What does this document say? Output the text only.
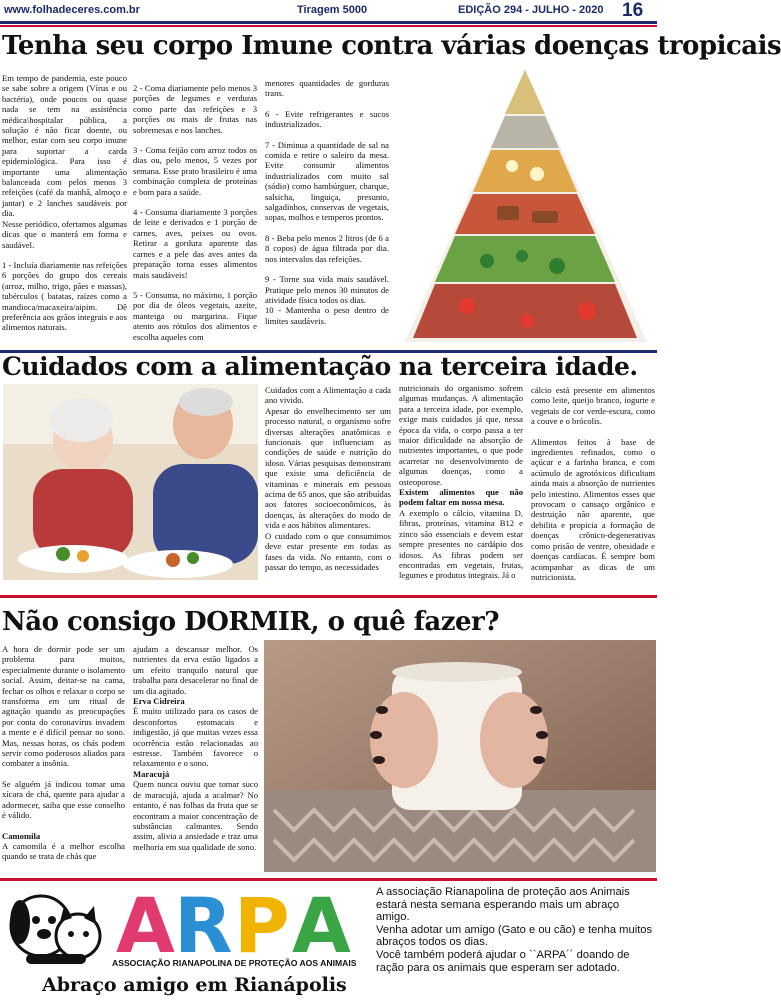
www.folhadeceres.com.br	Tiragem 5000	EDIÇÃO 294 - JULHO - 2020 16
Tenha seu corpo Imune contra várias doenças tropicais

Em tempo de pandemia, este pouco se sabe sobre a origem (Vírus e ou bactéria), onde poucos ou quase nada se tem na assistência médica\hospitalar pública, a solução é não ficar doente, ou melhor, estar com seu corpo imune para suportar a carda epidemiológica. Para isso é importante uma alimentação balanceada com pelos menos 3 refeições (café da manhã, almoço e jantar) e 2 lanches saudáveis por dia.

Nesse periódico, ofertamos algumas dicas que o manterá em forma e saudável.

1 - Incluía diariamente nas refeições 6 porções do grupo dos cereais (arroz, milho, trigo, pães e massas), tubérculos ( batatas, raízes como a mandioca/macaxeira/aipim. Dê preferência aos grãos integrais e aos alimentos naturais.

2 - Coma diariamente pelo menos 3 porções de legumes e verduras como parte das refeições e 3 porções ou mais de frutas nas sobremesas e nos lanches.

3 - Coma feijão com arroz todos os dias ou, pelo menos, 5 vezes por semana. Esse prato brasileiro é uma combinação completa de proteínas e bom para a saúde.

4 - Consuma diariamente 3 porções de leite e derivados e 1 porção de carnes, aves, peixes ou ovos. Retirar a gordura aparente das carnes e a pele das aves antes da preparação torna esses alimentos mais saudáveis!

5 - Consuma, no máximo, 1 porção por dia de óleos vegetais, azeite, manteiga ou margarina. Fique atento aos rótulos dos alimentos e escolha aqueles com

menores quantidades de gorduras trans.

6 - Evite refrigerantes e sucos industrializados.

7 - Diminua a quantidade de sal na comida e retire o saleiro da mesa. Evite consumir alimentos industrializados com muito sal (sódio) como hambúrguer, charque, salsicha, linguiça, presunto, salgadinhos, conservas de vegetais, sopas, molhos e temperos prontos.

8 - Beba pelo menos 2 litros (de 6 a 8 copos) de água filtrada por dia. nos intervalos das refeições.

9 - Torne sua vida mais saudável. Pratique pelo menos 30 minutos de atividade física todos os dias.

10 - Mantenha o peso dentro de limites saudáveis.

Cuidados com a alimentação na terceira idade.

Cuidados com a Alimentação a cada ano vivido.

Apesar do envelhecimento ser um processo natural, o organismo sofre diversas alterações anatômicas e funcionais que influenciam as condições de saúde e nutrição do idoso. Várias pesquisas demonstram que existe uma deficiência de vitaminas e minerais em pessoas acima de 65 anos, que são atribuídas aos fatores socioeconômicos, às doenças, às alterações do modo de vida e aos hábitos alimentares.

O cuidado com o que consumimos deve estar presente em todas as fases da vida. No entanto, com o passar do tempo, as necessidades

nutricionais do organismo sofrem algumas mudanças. A alimentação para a terceira idade, por exemplo, exige mais cuidados já que, nessa época da vida, o corpo passa a ter maior dificuldade na absorção de nutrientes importantes, o que pode acarretar no desenvolvimento de algumas doenças, como a osteoporose.

Existem alimentos que não podem faltar em nossa mesa.

A exemplo o cálcio, vitamina D, fibras, proteínas, vitamina B12 e zinco são essenciais e devem estar sempre presentes no cardápio dos idosos. As fibras podem ser encontradas em vegetais, frutas, legumes e produtos integrais. Já o

cálcio está presente em alimentos como leite, queijo branco, iogurte e vegetais de cor verde-escura, como a couve e o brócolis.

Alimentos feitos à base de ingredientes refinados, como o açúcar e a farinha branca, e com acúmulo de agrotóxicos dificultam ainda mais a absorção de nutrientes pelo intestino. Alimentos esses que provocam o cansaço orgânico e destruição não aparente, que debilita e propicia a formação de doenças crônico-degenerativas como prisão de ventre, obesidade e doenças cardíacas. É sempre bom acompanhar as dicas de um nutricionista.

Não consigo DORMIR, o quê fazer?

A hora de dormir pode ser um problema para muitos, especialmente durante o isolamento social. Assim, deitar-se na cama, fechar os olhos e relaxar o corpo se transforma em um ritual de agitação quando as preocupações por conta do coronavírus invadem a mente e é difícil pensar no sono. Mas, nessas horas, os chás podem servir como poderosos aliados para combater a insônia.

Se alguém já indicou tomar uma xícara de chá, quente para ajudar a adormecer, saiba que esse conselho é válido.

Camomila

A camomila é a melhor escolha quando se trata de chás que

ajudam a descansar melhor. Os nutrientes da erva estão ligados a um efeito tranquilo natural que trabalha para desacelerar no final de um dia agitado.

Erva Cidreira

É muito utilizado para os casos de desconfortos estomacais e indigestão, já que muitas vezes essa ocorrência estão relacionadas ao estresse. Também favorece o relaxamento e o sono.

Maracujá

Quem nunca ouviu que tomar suco de maracujá, ajuda a acalmar? No entanto, é nas folhas da fruta que se encontram a maior concentração de substâncias calmantes. Sendo assim, alivia a ansiedade e traz uma melhoria em sua qualidade de sono.

A R P A
ASSOCIAÇÃO RIANAPOLINA DE PROTEÇÃO AOS ANIMAIS
Abraço amigo em Rianápolis

A associação Rianapolina de proteção aos Animais estará nesta semana esperando mais um abraço amigo.

Venha adotar um amigo (Gato e ou cão) e tenha muitos abraços todos os dias.

Você também poderá ajudar o ``ARPA´´ doando de ração para os animais que esperam ser adotado.
